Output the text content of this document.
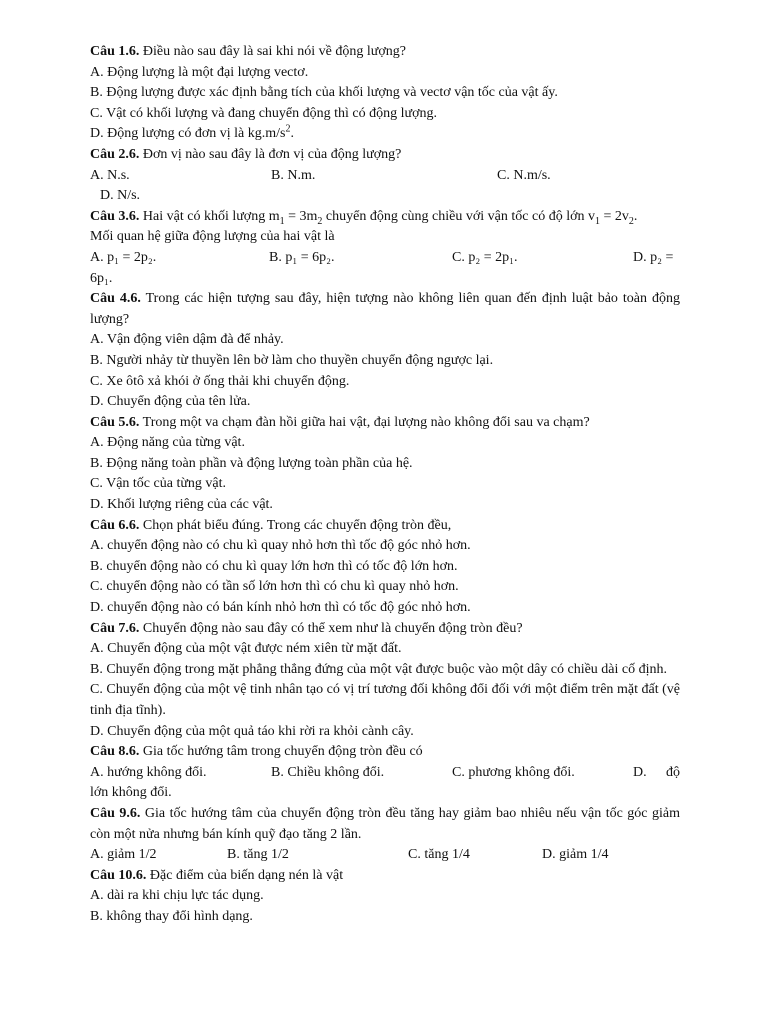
Câu 1.6. Điều nào sau đây là sai khi nói về động lượng?
A. Động lượng là một đại lượng vectơ.
B. Động lượng được xác định bằng tích của khối lượng và vectơ vận tốc của vật ấy.
C. Vật có khối lượng và đang chuyển động thì có động lượng.
D. Động lượng có đơn vị là $kg.m/s^2$.
Câu 2.6. Đơn vị nào sau đây là đơn vị của động lượng?
A. N.s.	B. N.m.	C. N.m/s.
D. N/s.
Câu 3.6. Hai vật có khối lượng $m_1 = 3m_2$ chuyển động cùng chiều với vận tốc có độ lớn $v_1 = 2v_2$.
Mối quan hệ giữa động lượng của hai vật là
A. p₁ = 2p₂.	B. p₁ = 6p₂.	C. p₂ = 2p₁.	D. p₂ =
6p₁.
Câu 4.6. Trong các hiện tượng sau đây, hiện tượng nào không liên quan đến định luật bảo toàn động lượng?
A. Vận động viên dậm đà để nhảy.
B. Người nhảy từ thuyền lên bờ làm cho thuyền chuyển động ngược lại.
C. Xe ôtô xả khói ở ống thải khi chuyển động.
D. Chuyển động của tên lửa.
Câu 5.6. Trong một va chạm đàn hồi giữa hai vật, đại lượng nào không đổi sau va chạm?
A. Động năng của từng vật.
B. Động năng toàn phần và động lượng toàn phần của hệ.
C. Vận tốc của từng vật.
D. Khối lượng riêng của các vật.
Câu 6.6. Chọn phát biểu đúng. Trong các chuyển động tròn đều,
A. chuyển động nào có chu kì quay nhỏ hơn thì tốc độ góc nhỏ hơn.
B. chuyển động nào có chu kì quay lớn hơn thì có tốc độ lớn hơn.
C. chuyển động nào có tần số lớn hơn thì có chu kì quay nhỏ hơn.
D. chuyển động nào có bán kính nhỏ hơn thì có tốc độ góc nhỏ hơn.
Câu 7.6. Chuyển động nào sau đây có thể xem như là chuyển động tròn đều?
A. Chuyển động của một vật được ném xiên từ mặt đất.
B. Chuyển động trong mặt phẳng thẳng đứng của một vật được buộc vào một dây có chiều dài cố định.
C. Chuyển động của một vệ tinh nhân tạo có vị trí tương đối không đổi đối với một điểm trên mặt đất (vệ tinh địa tĩnh).
D. Chuyển động của một quả táo khi rời ra khỏi cành cây.
Câu 8.6. Gia tốc hướng tâm trong chuyển động tròn đều có
A. hướng không đổi.	B. Chiều không đổi.	C. phương không đổi.	D.	độ
lớn không đổi.
Câu 9.6. Gia tốc hướng tâm của chuyển động tròn đều tăng hay giảm bao nhiêu nếu vận tốc góc giảm còn một nửa nhưng bán kính quỹ đạo tăng 2 lần.
A. giảm 1/2	B. tăng 1/2	C. tăng 1/4	D. giảm 1/4
Câu 10.6. Đặc điểm của biến dạng nén là vật
A. dài ra khi chịu lực tác dụng.
B. không thay đổi hình dạng.
